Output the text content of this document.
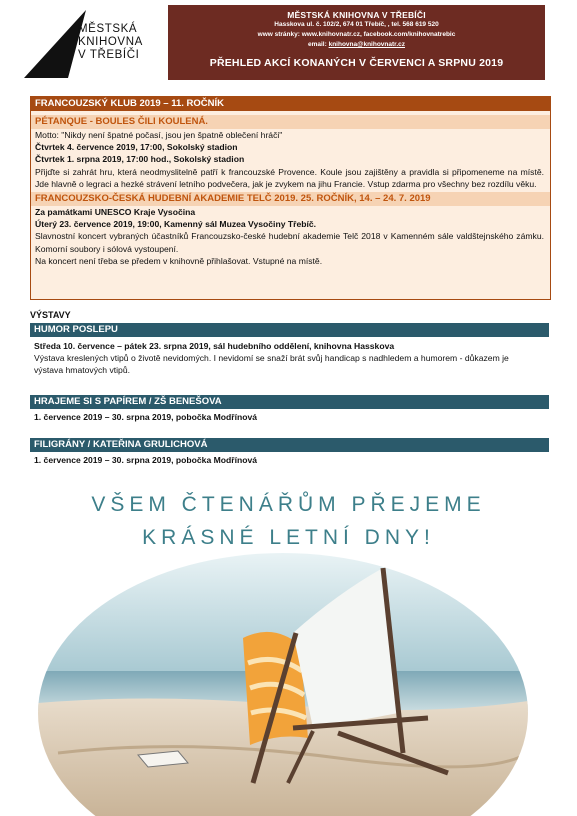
MĚSTSKÁ
KNIHOVNA
V TŘEBÍČI
MĚSTSKÁ KNIHOVNA V TŘEBÍČI
Hasskova ul. č. 102/2, 674 01 Třebíč, , tel. 568 619 520
www stránky: www.knihovnatr.cz, facebook.com/knihovnatrebic
email: knihovna@knihovnatr.cz
PŘEHLED AKCÍ KONANÝCH V ČERVENCI A SRPNU 2019
FRANCOUZSKÝ KLUB 2019 – 11. ROČNÍK
PÉTANQUE - BOULES ČILI KOULENÁ.
Motto: "Nikdy není špatné počasí, jsou jen špatně oblečení hráči"
Čtvrtek 4. července 2019, 17:00, Sokolský stadion
Čtvrtek 1. srpna 2019, 17:00 hod., Sokolský stadion
Přijďte si zahrát hru, která neodmyslitelně patří k francouzské Provence. Koule jsou zajištěny a pravidla si připomeneme na místě. Jde hlavně o legraci a hezké strávení letního podvečera, jak je zvykem na jihu Francie. Vstup zdarma pro všechny bez rozdílu věku.
FRANCOUZSKO-ČESKÁ HUDEBNÍ AKADEMIE TELČ 2019. 25. ROČNÍK, 14. – 24. 7. 2019
Za památkami UNESCO Kraje Vysočina
Úterý 23. července 2019, 19:00, Kamenný sál Muzea Vysočiny Třebíč.
Slavnostní koncert vybraných účastníků Francouzsko-české hudební akademie Telč 2018 v Kamenném sále valdštejnského zámku. Komorní soubory i sólová vystoupení.
Na koncert není třeba se předem v knihovně přihlašovat. Vstupné na místě.
VÝSTAVY
HUMOR POSLEPU
Středa 10. července – pátek 23. srpna 2019, sál hudebního oddělení, knihovna Hasskova
Výstava kreslených vtipů o životě nevidomých. I nevidomí se snaží brát svůj handicap s nadhledem a humorem - důkazem je výstava hmatových vtipů.
HRAJEME SI S PAPÍREM / ZŠ BENEŠOVA
1. července 2019 – 30. srpna 2019, pobočka Modřínová
FILIGRÁNY / KATEŘINA GRULICHOVÁ
1. července 2019 – 30. srpna 2019, pobočka Modřínová
VŠEM ČTENÁŘŮM PŘEJEME
KRÁSNÉ LETNÍ DNY!
